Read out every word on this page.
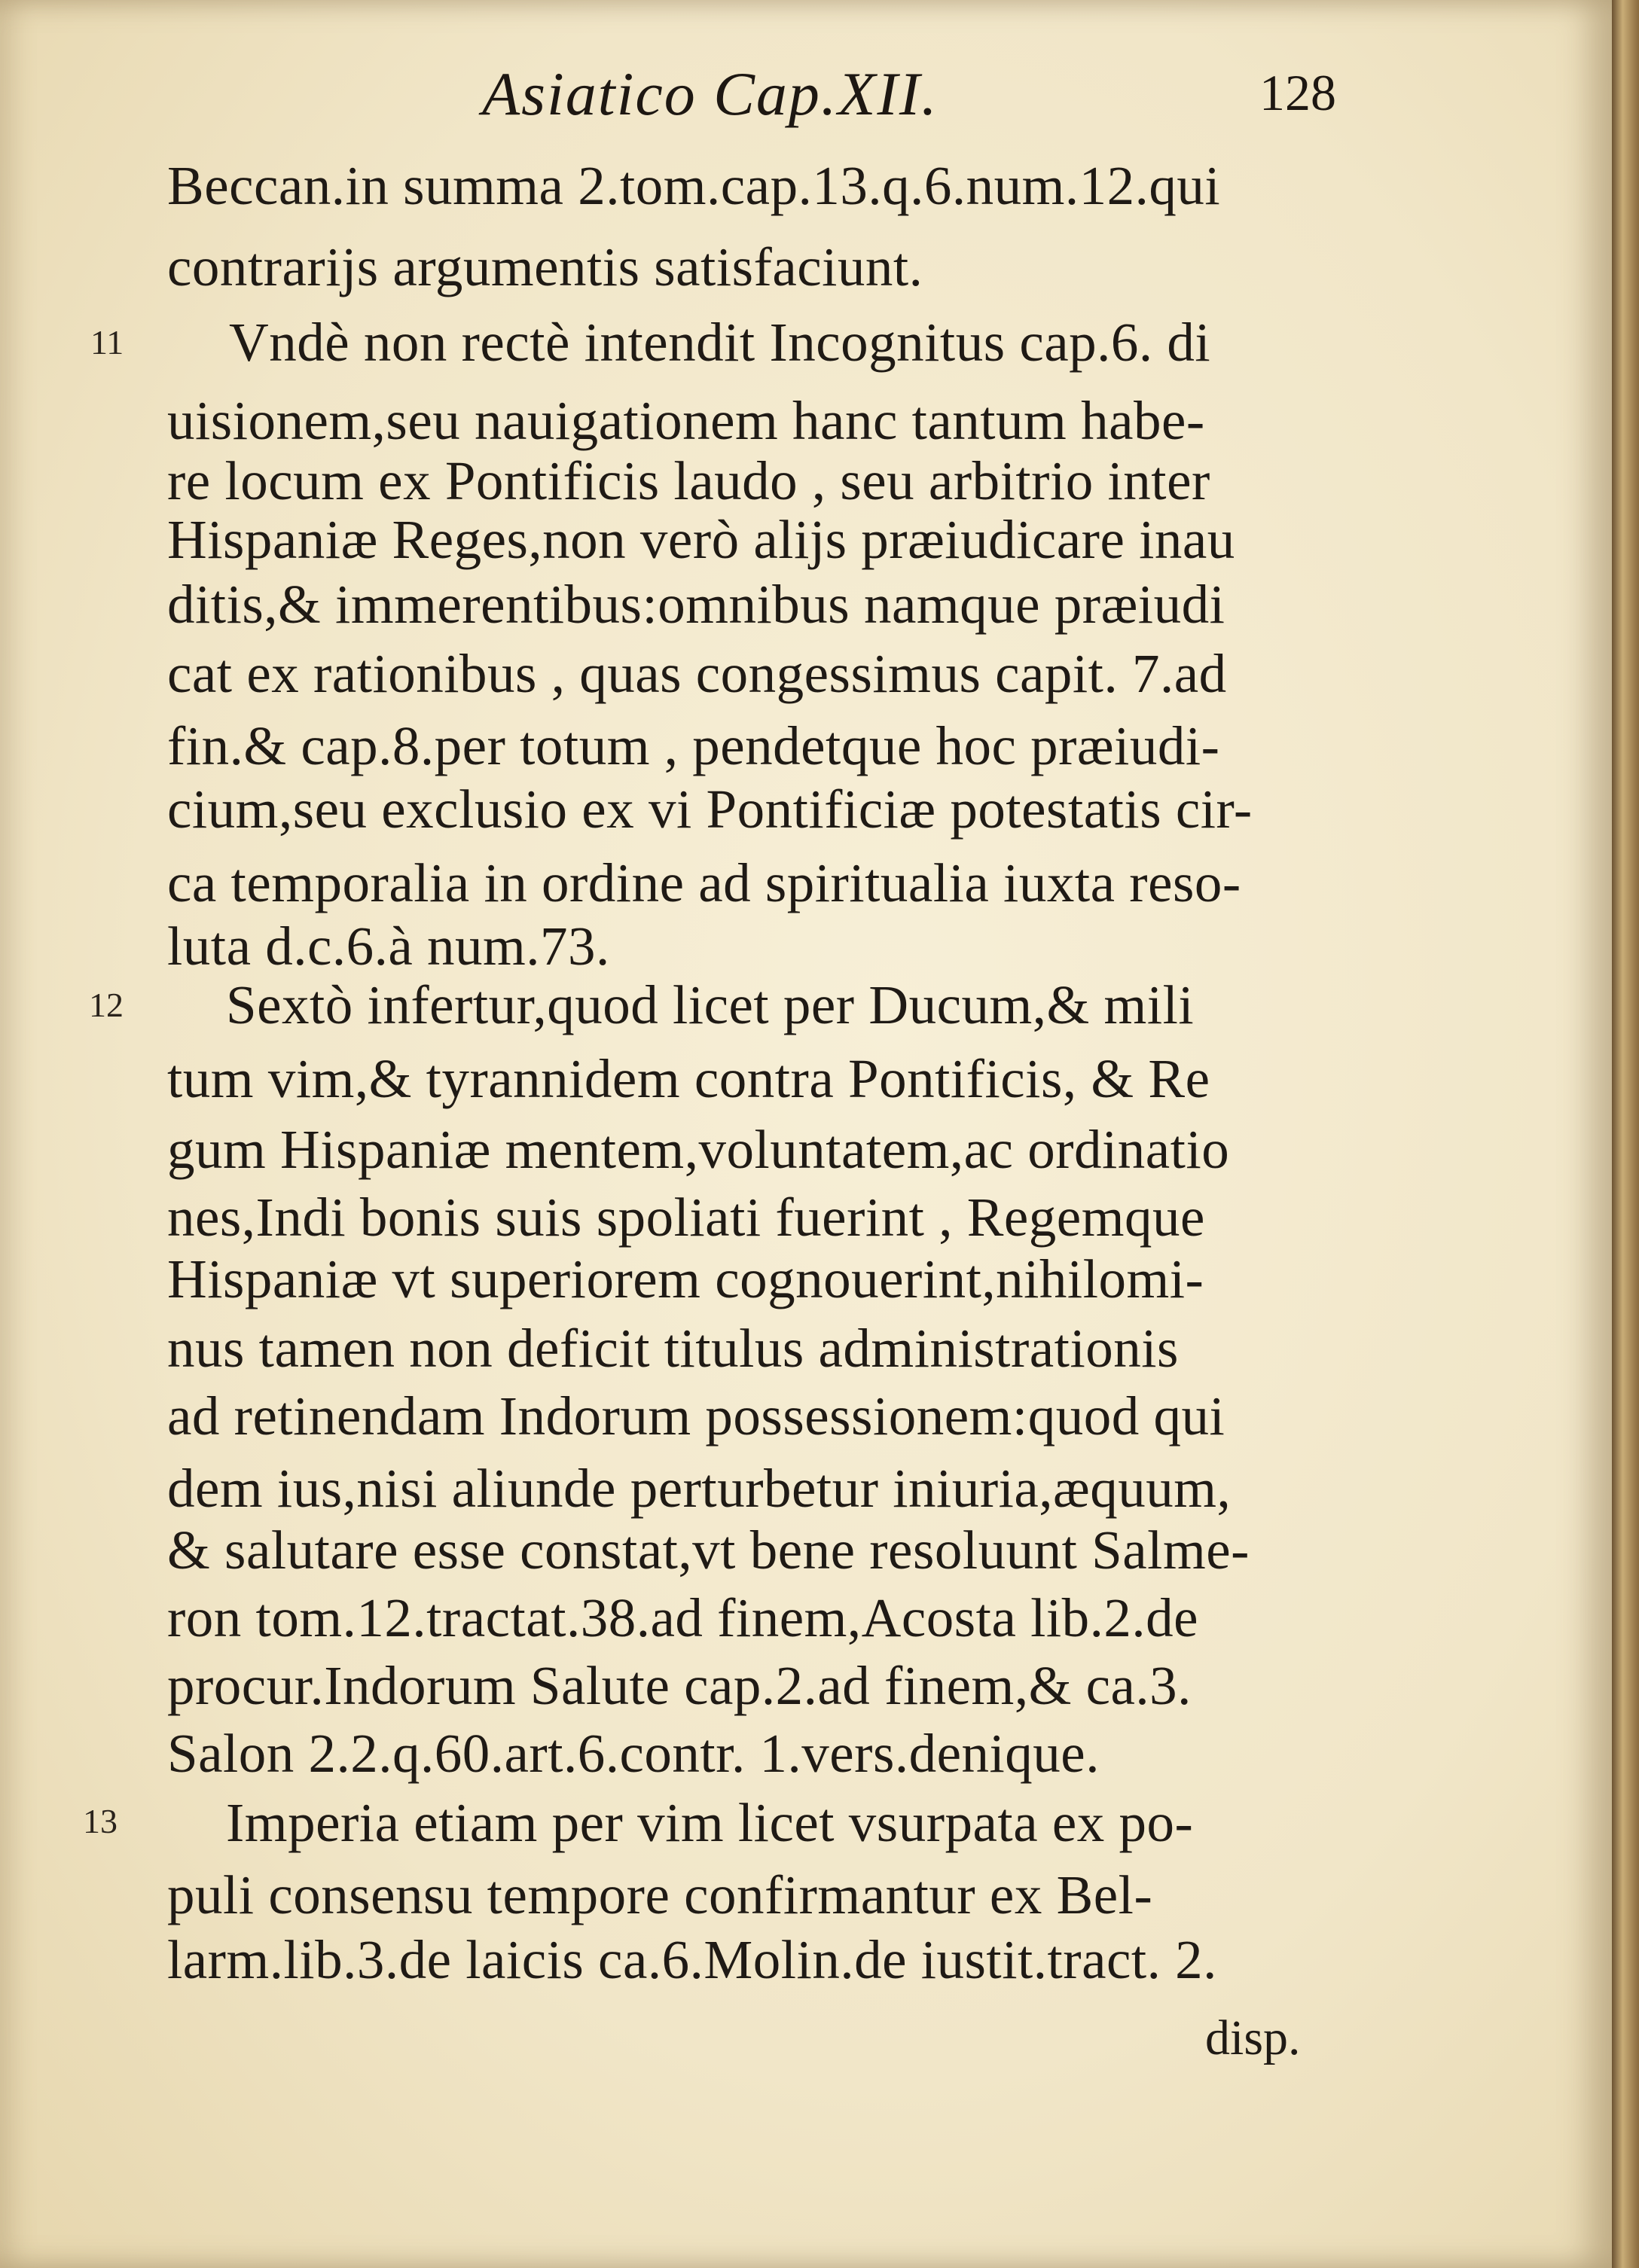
Asiatico Cap.XII.	128
11
12
13
Beccan.in summa 2.tom.cap.13.q.6.num.12.qui
contrarijs argumentis satisfaciunt.
Vndè non rectè intendit Incognitus cap.6. di
uisionem,seu nauigationem hanc tantum habe-
re locum ex Pontificis laudo , seu arbitrio inter
Hispaniæ Reges,non verò alijs præiudicare inau
ditis,& immerentibus:omnibus namque præiudi
cat ex rationibus , quas congessimus capit. 7.ad
fin.& cap.8.per totum , pendetque hoc præiudi-
cium,seu exclusio ex vi Pontificiæ potestatis cir-
ca temporalia in ordine ad spiritualia iuxta reso-
luta d.c.6.à num.73.
Sextò infertur,quod licet per Ducum,& mili
tum vim,& tyrannidem contra Pontificis, & Re
gum Hispaniæ mentem,voluntatem,ac ordinatio
nes,Indi bonis suis spoliati fuerint , Regemque
Hispaniæ vt superiorem cognouerint,nihilomi-
nus tamen non deficit titulus administrationis
ad retinendam Indorum possessionem:quod qui
dem ius,nisi aliunde perturbetur iniuria,æquum,
& salutare esse constat,vt bene resoluunt Salme-
ron tom.12.tractat.38.ad finem,Acosta lib.2.de
procur.Indorum Salute cap.2.ad finem,& ca.3.
Salon 2.2.q.60.art.6.contr. 1.vers.denique.
Imperia etiam per vim licet vsurpata ex po-
puli consensu tempore confirmantur ex Bel-
larm.lib.3.de laicis ca.6.Molin.de iustit.tract. 2.
disp.
